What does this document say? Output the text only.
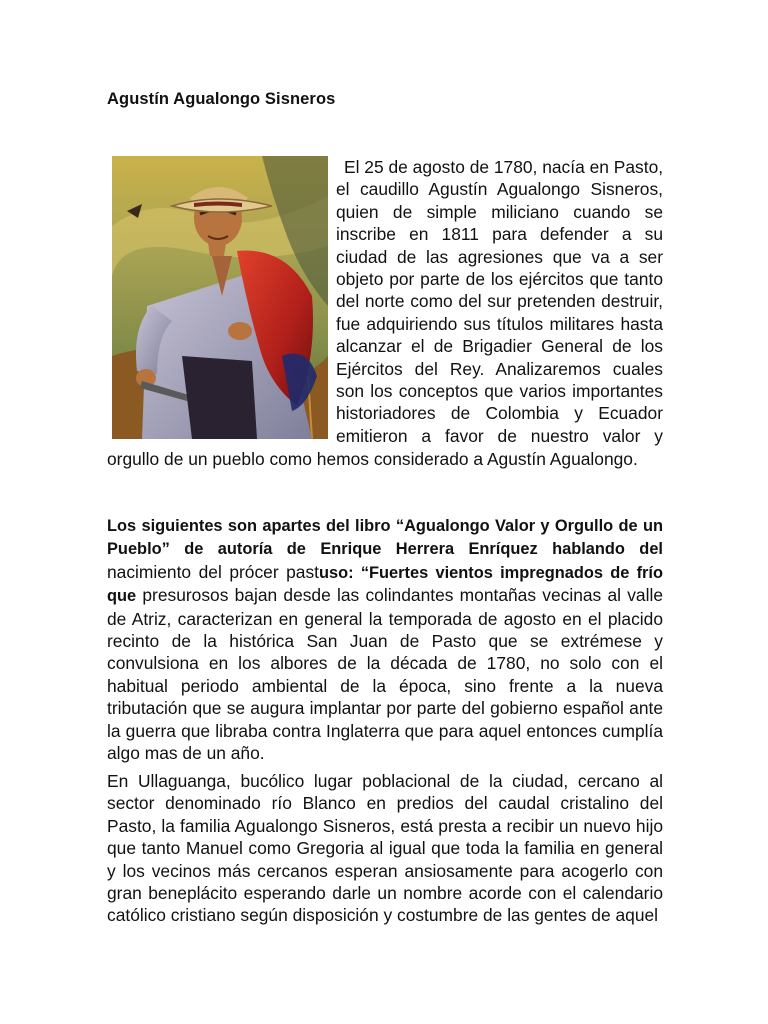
Agustín Agualongo Sisneros
El 25 de agosto de 1780, nacía en Pasto,
el caudillo Agustín Agualongo Sisneros,
quien de simple miliciano cuando se
inscribe en 1811 para defender a su
ciudad de las agresiones que va a ser
objeto por parte de los ejércitos que tanto
del norte como del sur pretenden destruir,
fue adquiriendo sus títulos militares hasta
alcanzar el de Brigadier General de los
Ejércitos del Rey. Analizaremos cuales
son los conceptos que varios importantes
historiadores de Colombia y Ecuador
emitieron a favor de nuestro valor y
orgullo de un pueblo como hemos considerado a Agustín Agualongo.

Los siguientes son apartes del libro “Agualongo Valor y Orgullo de un Pueblo” de autoría de Enrique Herrera Enríquez hablando del nacimiento del prócer pastuso: “Fuertes vientos impregnados de frío que presurosos bajan desde las colindantes montañas vecinas al valle de Atriz, caracterizan en general la temporada de agosto en el placido recinto de la histórica San Juan de Pasto que se extrémese y convulsiona en los albores de la década de 1780, no solo con el habitual periodo ambiental de la época, sino frente a la nueva tributación que se augura implantar por parte del gobierno español ante la guerra que libraba contra Inglaterra que para aquel entonces cumplía algo mas de un año.

En Ullaguanga, bucólico lugar poblacional de la ciudad, cercano al sector denominado río Blanco en predios del caudal cristalino del Pasto, la familia Agualongo Sisneros, está presta a recibir un nuevo hijo que tanto Manuel como Gregoria al igual que toda la familia en general y los vecinos más cercanos esperan ansiosamente para acogerlo con gran beneplácito esperando darle un nombre acorde con el calendario católico cristiano según disposición y costumbre de las gentes de aquel
